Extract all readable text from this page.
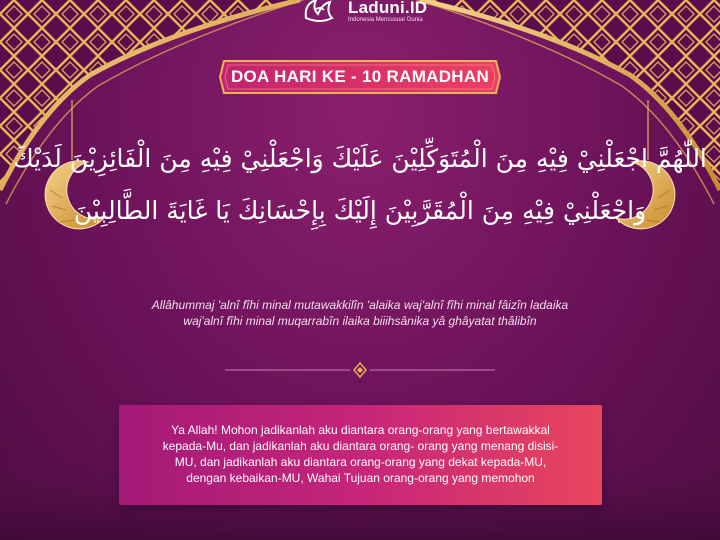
Laduni.ID
Indonesia Mencusuar Dunia
DOA HARI KE - 10 RAMADHAN
اللّٰهُمَّ اجْعَلْنِيْ فِيْهِ مِنَ الْمُتَوَكِّلِيْنَ عَلَيْكَ وَاجْعَلْنِيْ فِيْهِ مِنَ الْفَائِزِيْنَ لَدَيْكَ
وَاجْعَلْنِيْ فِيْهِ مِنَ الْمُقَرَّبِيْنَ إِلَيْكَ بِإِحْسَانِكَ يَا غَايَةَ الطَّالِبِيْنَ
Allâhummaj 'alnî fîhi minal mutawakkilîn 'alaika waj'alnî fîhi minal fâizîn ladaika
waj'alnî fîhi minal muqarrabîn ilaika biiihsânika yâ ghâyatat thâlibîn
Ya Allah! Mohon jadikanlah aku diantara orang-orang yang bertawakkal
kepada-Mu, dan jadikanlah aku diantara orang- orang yang menang disisi-
MU, dan jadikanlah aku diantara orang-orang yang dekat kepada-MU,
dengan kebaikan-MU, Wahai Tujuan orang-orang yang memohon
